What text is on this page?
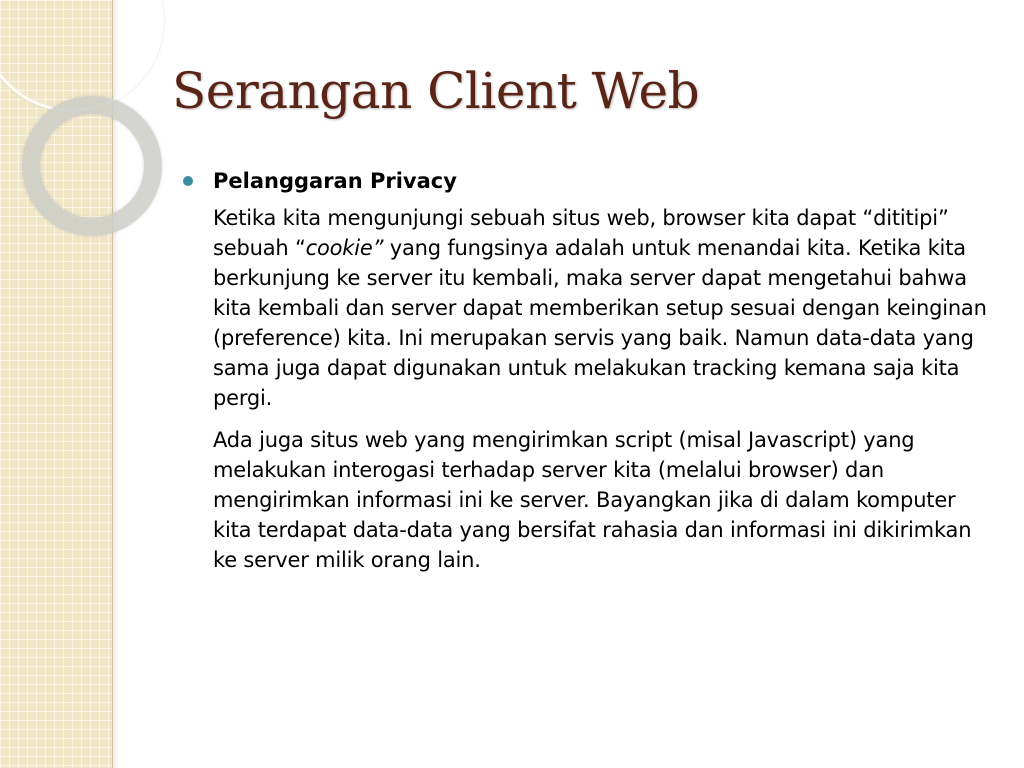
Serangan Client Web
Pelanggaran Privacy

Ketika kita mengunjungi sebuah situs web, browser kita dapat “dititipi” sebuah “cookie” yang fungsinya adalah untuk menandai kita. Ketika kita berkunjung ke server itu kembali, maka server dapat mengetahui bahwa kita kembali dan server dapat memberikan setup sesuai dengan keinginan (preference) kita. Ini merupakan servis yang baik. Namun data-data yang sama juga dapat digunakan untuk melakukan tracking kemana saja kita pergi.

Ada juga situs web yang mengirimkan script (misal Javascript) yang melakukan interogasi terhadap server kita (melalui browser) dan mengirimkan informasi ini ke server. Bayangkan jika di dalam komputer kita terdapat data-data yang bersifat rahasia dan informasi ini dikirimkan ke server milik orang lain.
